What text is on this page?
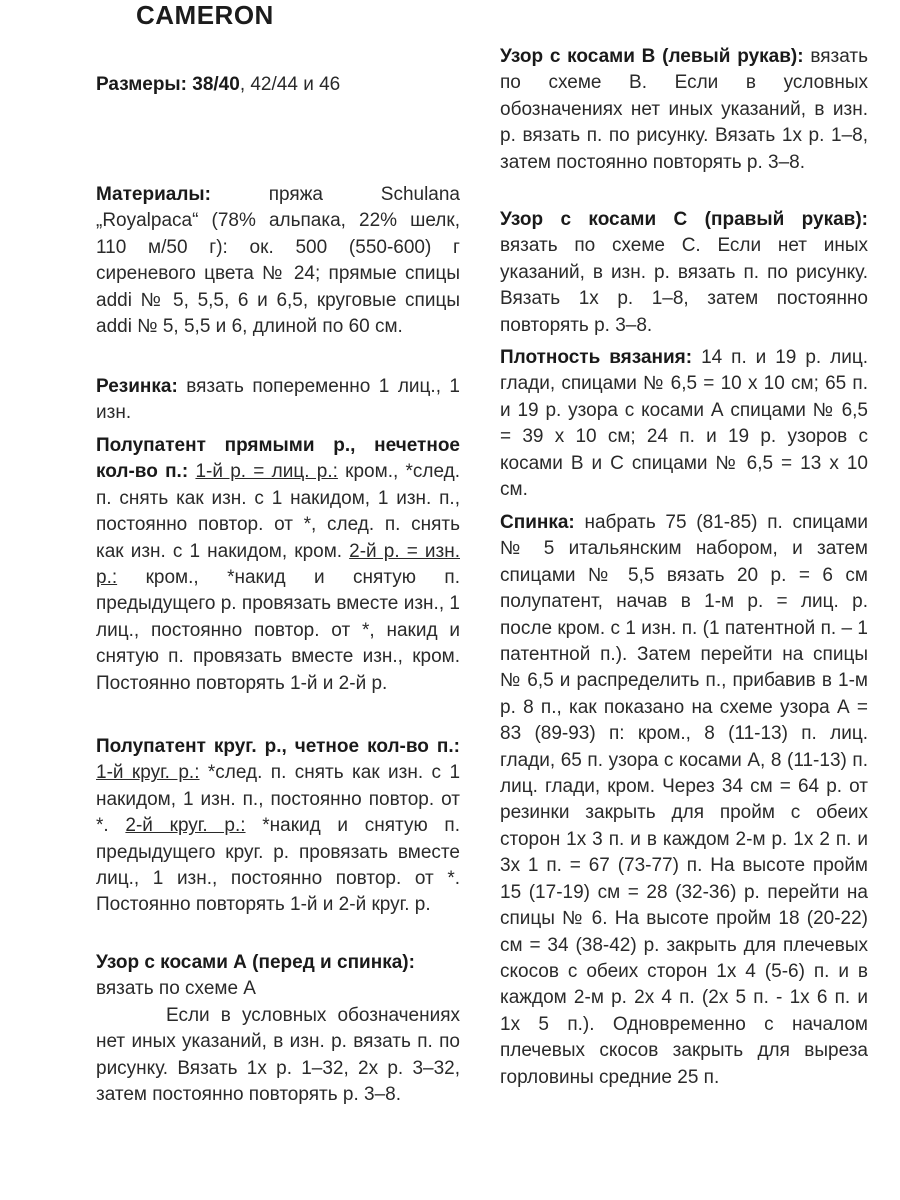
CAMERON

Размеры: 38/40, 42/44 и 46

Материалы: пряжа Schulana „Royalpaca“ (78% альпака, 22% шелк, 110 м/50 г): ок. 500 (550-600) г сиреневого цвета № 24; прямые спицы addi № 5, 5,5, 6 и 6,5, круговые спицы addi № 5, 5,5 и 6, длиной по 60 см.

Резинка: вязать попеременно 1 лиц., 1 изн.

Полупатент прямыми р., нечетное кол-во п.: 1-й р. = лиц. р.: кром., *след. п. снять как изн. с 1 накидом, 1 изн. п., постоянно повтор. от *, след. п. снять как изн. с 1 накидом, кром. 2-й р. = изн. р.: кром., *накид и снятую п. предыдущего р. провязать вместе изн., 1 лиц., постоянно повтор. от *, накид и снятую п. провязать вместе изн., кром. Постоянно повторять 1-й и 2-й р.

Полупатент круг. р., четное кол-во п.: 1-й круг. р.: *след. п. снять как изн. с 1 накидом, 1 изн. п., постоянно повтор. от *. 2-й круг. р.: *накид и снятую п. предыдущего круг. р. провязать вместе лиц., 1 изн., постоянно повтор. от *. Постоянно повторять 1-й и 2-й круг. р.

Узор с косами А (перед и спинка):
вязать по схеме А

Если в условных обозначениях нет иных указаний, в изн. р. вязать п. по рисунку. Вязать 1х р. 1–32, 2х р. 3–32, затем постоянно повторять р. 3–8.

Узор с косами В (левый рукав): вязать по схеме В. Если в условных обозначениях нет иных указаний, в изн. р. вязать п. по рисунку. Вязать 1х р. 1–8, затем постоянно повторять р. 3–8.

Узор с косами С (правый рукав): вязать по схеме С. Если нет иных указаний, в изн. р. вязать п. по рисунку. Вязать 1х р. 1–8, затем постоянно повторять р. 3–8.

Плотность вязания: 14 п. и 19 р. лиц. глади, спицами № 6,5 = 10 х 10 см; 65 п. и 19 р. узора с косами А спицами № 6,5 = 39 х 10 см; 24 п. и 19 р. узоров с косами В и С спицами № 6,5 = 13 х 10 см.

Спинка: набрать 75 (81-85) п. спицами № 5 итальянским набором, и затем спицами № 5,5 вязать 20 р. = 6 см полупатент, начав в 1-м р. = лиц. р. после кром. с 1 изн. п. (1 патентной п. – 1 патентной п.). Затем перейти на спицы № 6,5 и распределить п., прибавив в 1-м р. 8 п., как показано на схеме узора А = 83 (89-93) п: кром., 8 (11-13) п. лиц. глади, 65 п. узора с косами А, 8 (11-13) п. лиц. глади, кром. Через 34 см = 64 р. от резинки закрыть для пройм с обеих сторон 1х 3 п. и в каждом 2-м р. 1х 2 п. и 3х 1 п. = 67 (73-77) п. На высоте пройм 15 (17-19) см = 28 (32-36) р. перейти на спицы № 6. На высоте пройм 18 (20-22) см = 34 (38-42) р. закрыть для плечевых скосов с обеих сторон 1х 4 (5-6) п. и в каждом 2-м р. 2х 4 п. (2х 5 п. - 1х 6 п. и 1х 5 п.). Одновременно с началом плечевых скосов закрыть для выреза горловины средние 25 п.
